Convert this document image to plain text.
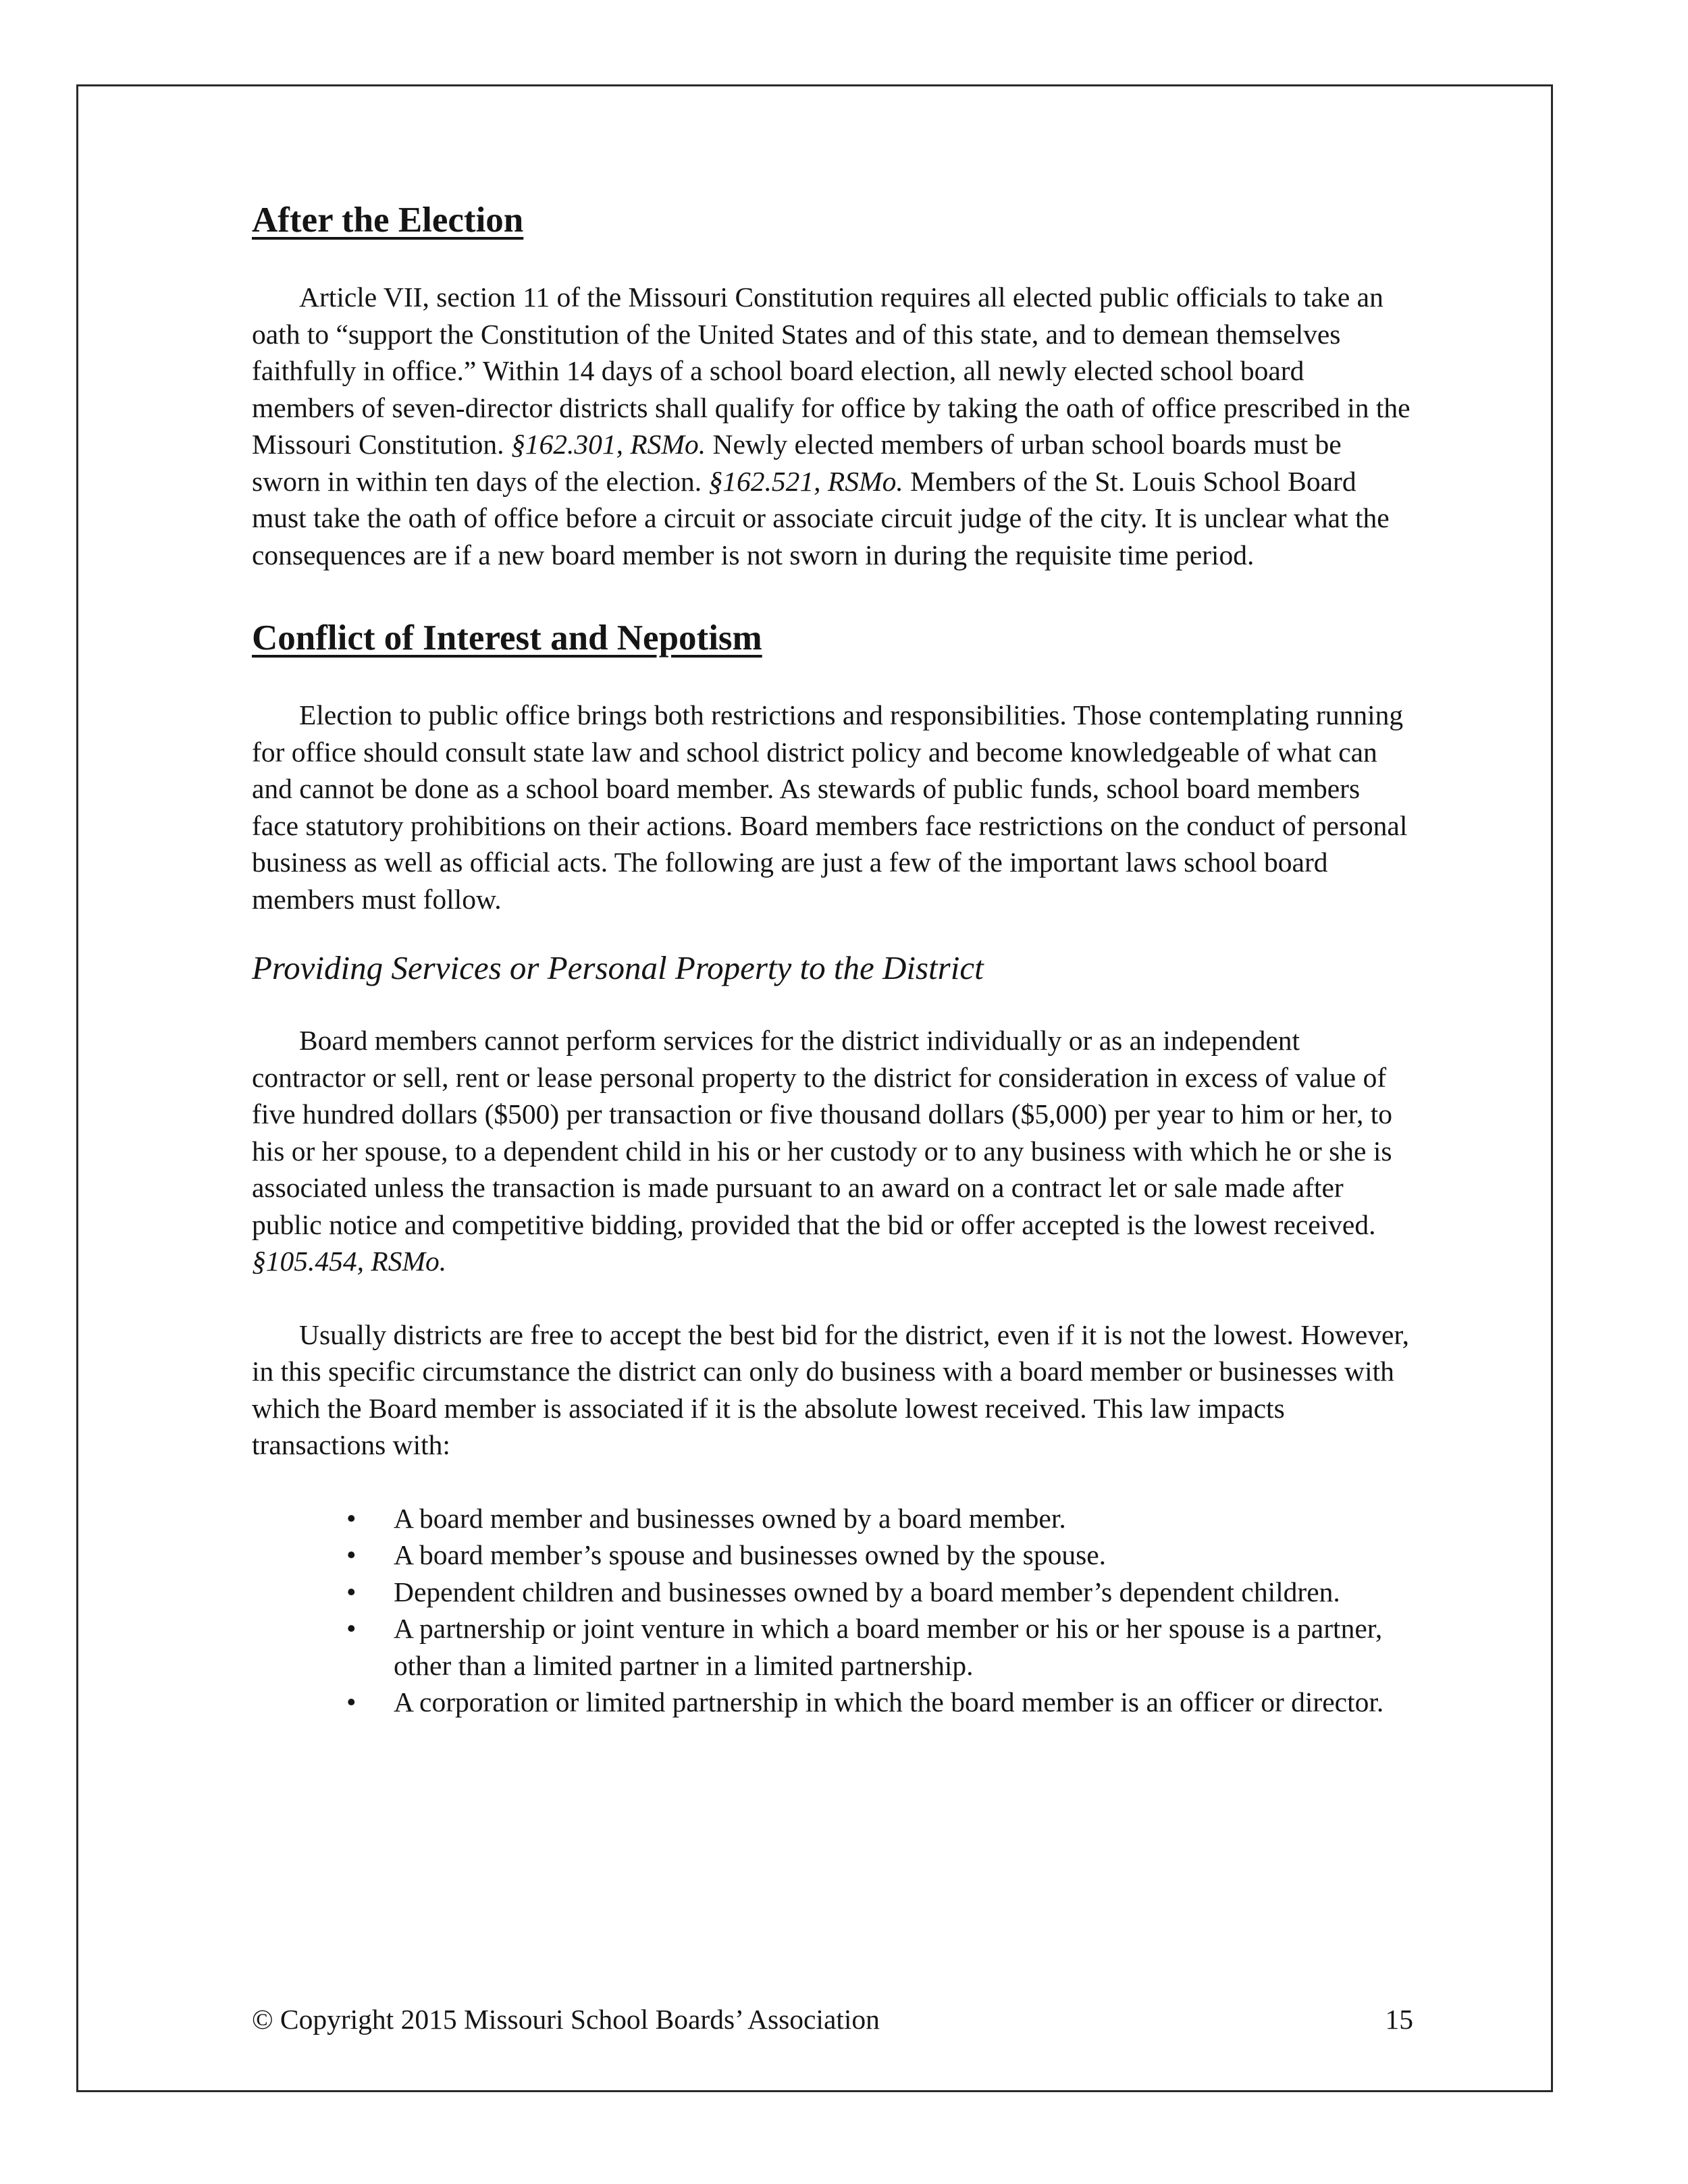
After the Election

Article VII, section 11 of the Missouri Constitution requires all elected public officials to take an oath to “support the Constitution of the United States and of this state, and to demean themselves faithfully in office.” Within 14 days of a school board election, all newly elected school board members of seven-director districts shall qualify for office by taking the oath of office prescribed in the Missouri Constitution. §162.301, RSMo. Newly elected members of urban school boards must be sworn in within ten days of the election. §162.521, RSMo. Members of the St. Louis School Board must take the oath of office before a circuit or associate circuit judge of the city. It is unclear what the consequences are if a new board member is not sworn in during the requisite time period.

Conflict of Interest and Nepotism

Election to public office brings both restrictions and responsibilities. Those contemplating running for office should consult state law and school district policy and become knowledgeable of what can and cannot be done as a school board member. As stewards of public funds, school board members face statutory prohibitions on their actions. Board members face restrictions on the conduct of personal business as well as official acts. The following are just a few of the important laws school board members must follow.

Providing Services or Personal Property to the District

Board members cannot perform services for the district individually or as an independent contractor or sell, rent or lease personal property to the district for consideration in excess of value of five hundred dollars ($500) per transaction or five thousand dollars ($5,000) per year to him or her, to his or her spouse, to a dependent child in his or her custody or to any business with which he or she is associated unless the transaction is made pursuant to an award on a contract let or sale made after public notice and competitive bidding, provided that the bid or offer accepted is the lowest received. §105.454, RSMo.

Usually districts are free to accept the best bid for the district, even if it is not the lowest. However, in this specific circumstance the district can only do business with a board member or businesses with which the Board member is associated if it is the absolute lowest received. This law impacts transactions with:

• A board member and businesses owned by a board member.
• A board member’s spouse and businesses owned by the spouse.
• Dependent children and businesses owned by a board member’s dependent children.
• A partnership or joint venture in which a board member or his or her spouse is a partner, other than a limited partner in a limited partnership.
• A corporation or limited partnership in which the board member is an officer or director.
© Copyright 2015 Missouri School Boards’ Association	15
